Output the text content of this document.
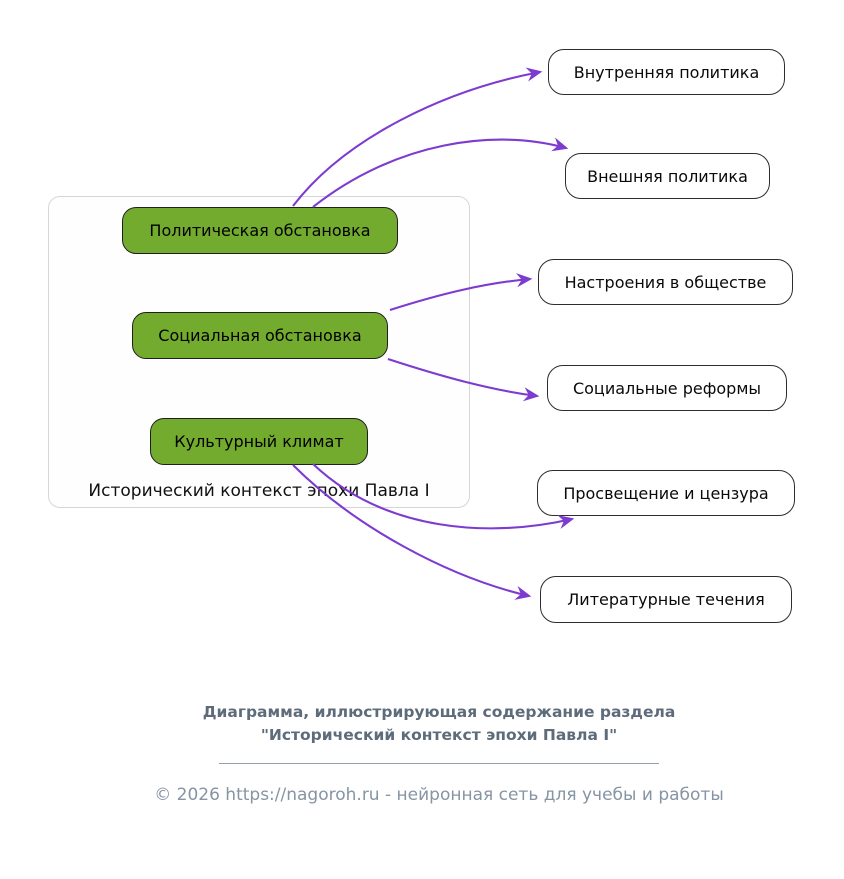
Исторический контекст эпохи Павла I
Политическая обстановка
Социальная обстановка
Культурный климат
Внутренняя политика
Внешняя политика
Настроения в обществе
Социальные реформы
Просвещение и цензура
Литературные течения
Диаграмма, иллюстрирующая содержание раздела
"Исторический контекст эпохи Павла I"
© 2026 https://nagoroh.ru - нейронная сеть для учебы и работы
